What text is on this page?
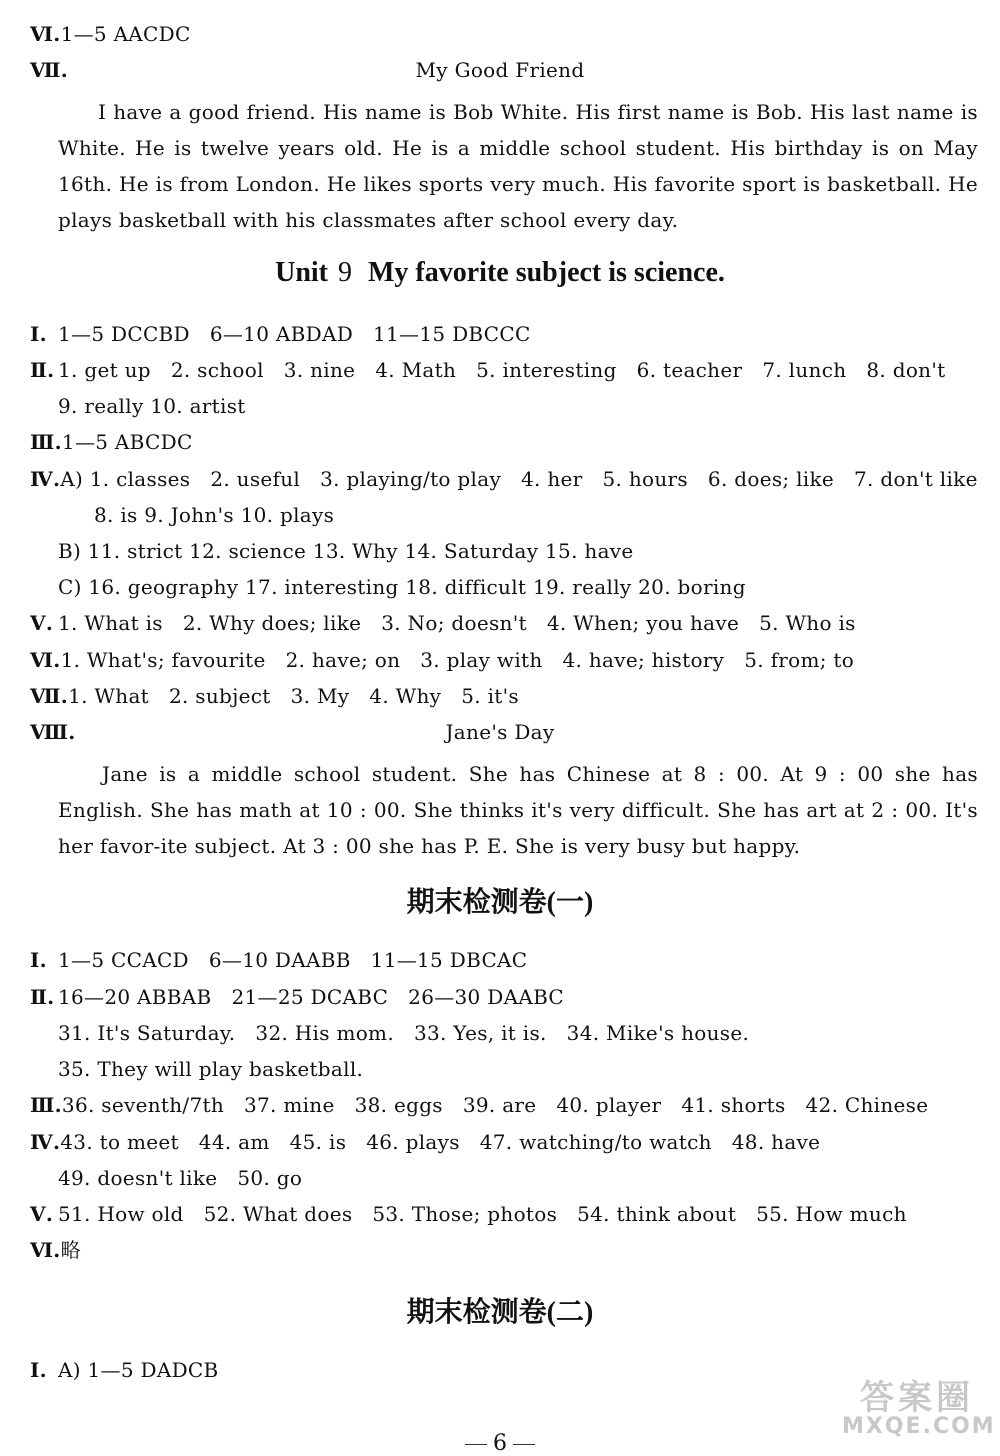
Ⅵ.1—5 AACDC
Ⅶ.	My Good Friend
I have a good friend. His name is Bob White. His first name is Bob. His last name is White. He is twelve years old. He is a middle school student. His birthday is on May 16th. He is from London. He likes sports very much. His favorite sport is basketball. He plays basketball with his classmates after school every day.
Unit 9 My favorite subject is science.
Ⅰ. 1—5 DCCBD   6—10 ABDAD   11—15 DBCCC
Ⅱ. 1. get up   2. school   3. nine   4. Math   5. interesting   6. teacher   7. lunch   8. don't
9. really 10. artist
Ⅲ.1—5 ABCDC
Ⅳ.A) 1. classes   2. useful   3. playing/to play   4. her   5. hours   6. does; like   7. don't like
8. is 9. John's 10. plays
B) 11. strict 12. science 13. Why 14. Saturday 15. have
C) 16. geography 17. interesting 18. difficult 19. really 20. boring
Ⅴ. 1. What is   2. Why does; like   3. No; doesn't   4. When; you have   5. Who is
Ⅵ.1. What's; favourite   2. have; on   3. play with   4. have; history   5. from; to
Ⅶ.1. What   2. subject   3. My   4. Why   5. it's
Ⅷ.	Jane's Day
Jane is a middle school student. She has Chinese at 8 : 00. At 9 : 00 she has English. She has math at 10 : 00. She thinks it's very difficult. She has art at 2 : 00. It's her favor-ite subject. At 3 : 00 she has P. E. She is very busy but happy.
期末检测卷(一)
Ⅰ. 1—5 CCACD   6—10 DAABB   11—15 DBCAC
Ⅱ. 16—20 ABBAB   21—25 DCABC   26—30 DAABC
31. It's Saturday.   32. His mom.   33. Yes, it is.   34. Mike's house.
35. They will play basketball.
Ⅲ.36. seventh/7th   37. mine   38. eggs   39. are   40. player   41. shorts   42. Chinese
Ⅳ.43. to meet   44. am   45. is   46. plays   47. watching/to watch   48. have
49. doesn't like   50. go
Ⅴ. 51. How old   52. What does   53. Those; photos   54. think about   55. How much
Ⅵ.略
期末检测卷(二)
Ⅰ. A) 1—5 DADCB
答案圈
MXQE.COM
6
